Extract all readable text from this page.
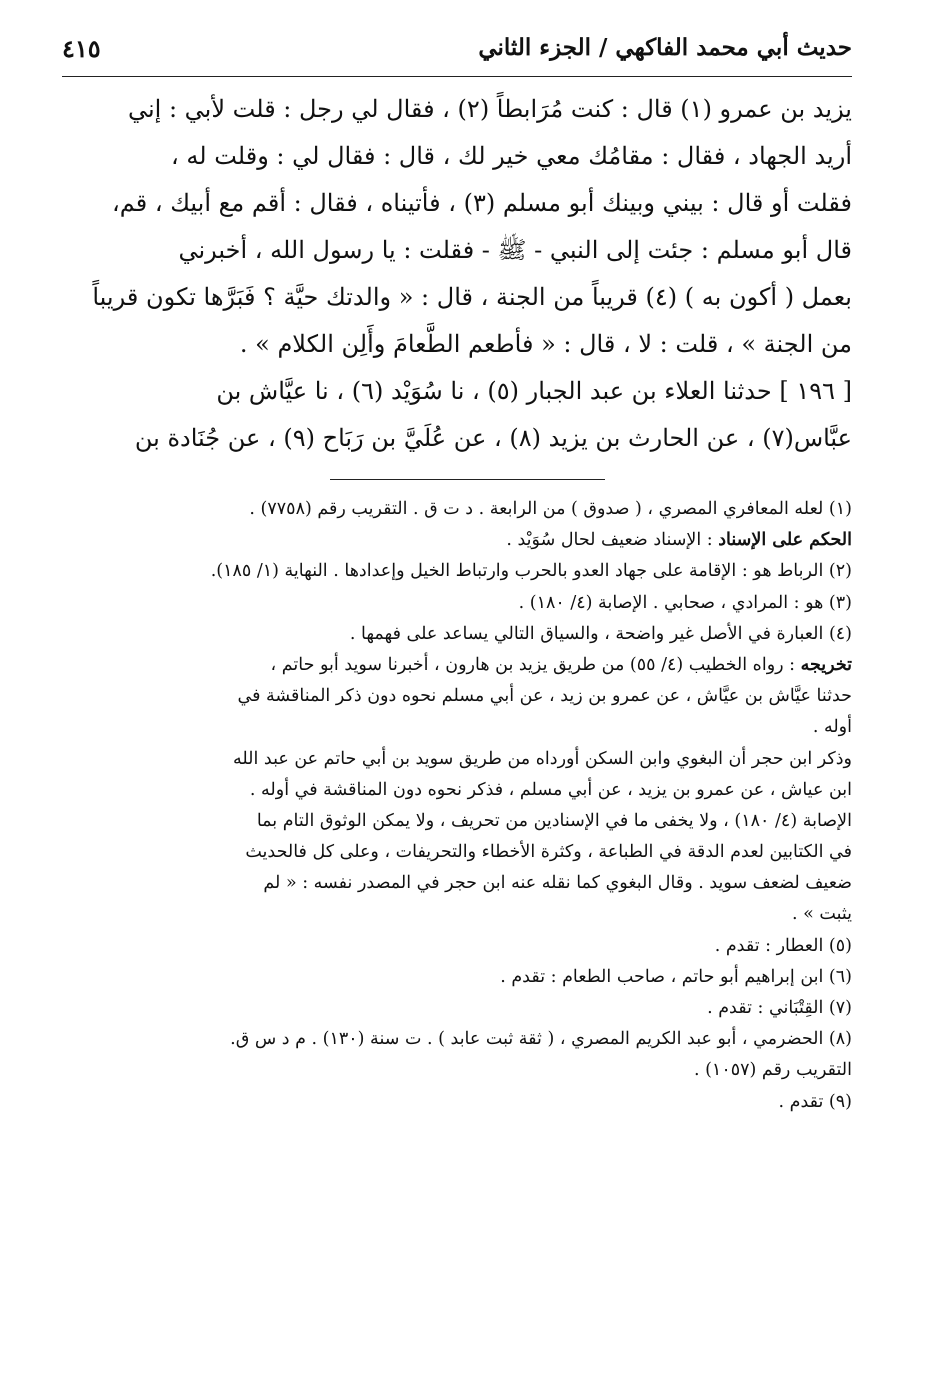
حديث أبي محمد الفاكهي / الجزء الثاني
٤١٥
يزيد بن عمرو (١) قال : كنت مُرَابطاً (٢) ، فقال لي رجل : قلت لأبي : إني
أريد الجهاد ، فقال : مقامُك معي خير لك ، قال : فقال لي : وقلت له ،
فقلت أو قال : بيني وبينك أبو مسلم (٣) ، فأتيناه ، فقال : أقم مع أبيك ، قم،
قال أبو مسلم : جئت إلى النبي - ﷺ - فقلت : يا رسول الله ، أخبرني
بعمل ( أكون به ) (٤) قريباً من الجنة ، قال : « والدتك حيَّة ؟ فَبَرَّها تكون قريباً
من الجنة » ، قلت : لا ، قال : « فأطعم الطَّعامَ وأَلِن الكلام » .
[ ١٩٦ ] حدثنا العلاء بن عبد الجبار (٥) ، نا سُوَيْد (٦) ، نا عيَّاش بن
عبَّاس(٧) ، عن الحارث بن يزيد (٨) ، عن عُلَيَّ بن رَبَاح (٩) ، عن جُنَادة بن
(١) لعله المعافري المصري ، ( صدوق ) من الرابعة . د ت ق . التقريب رقم (٧٧٥٨) .
الحكم على الإسناد : الإسناد ضعيف لحال سُوَيْد .
(٢) الرباط هو : الإقامة على جهاد العدو بالحرب وارتباط الخيل وإعدادها . النهاية (١/ ١٨٥).
(٣) هو : المرادي ، صحابي . الإصابة (٤/ ١٨٠) .
(٤) العبارة في الأصل غير واضحة ، والسياق التالي يساعد على فهمها .
تخريجه : رواه الخطيب (٤/ ٥٥) من طريق يزيد بن هارون ، أخبرنا سويد أبو حاتم ،
حدثنا عيَّاش بن عيَّاش ، عن عمرو بن زيد ، عن أبي مسلم نحوه دون ذكر المناقشة في
أوله .
وذكر ابن حجر أن البغوي وابن السكن أورداه من طريق سويد بن أبي حاتم عن عبد الله
ابن عياش ، عن عمرو بن يزيد ، عن أبي مسلم ، فذكر نحوه دون المناقشة في أوله .
الإصابة (٤/ ١٨٠) ، ولا يخفى ما في الإسنادين من تحريف ، ولا يمكن الوثوق التام بما
في الكتابين لعدم الدقة في الطباعة ، وكثرة الأخطاء والتحريفات ، وعلى كل فالحديث
ضعيف لضعف سويد . وقال البغوي كما نقله عنه ابن حجر في المصدر نفسه : « لم
يثبت » .
(٥) العطار : تقدم .
(٦) ابن إبراهيم أبو حاتم ، صاحب الطعام : تقدم .
(٧) القِتْبَاني : تقدم .
(٨) الحضرمي ، أبو عبد الكريم المصري ، ( ثقة ثبت عابد ) . ت سنة (١٣٠) . م د س ق.
التقريب رقم (١٠٥٧) .
(٩) تقدم .
